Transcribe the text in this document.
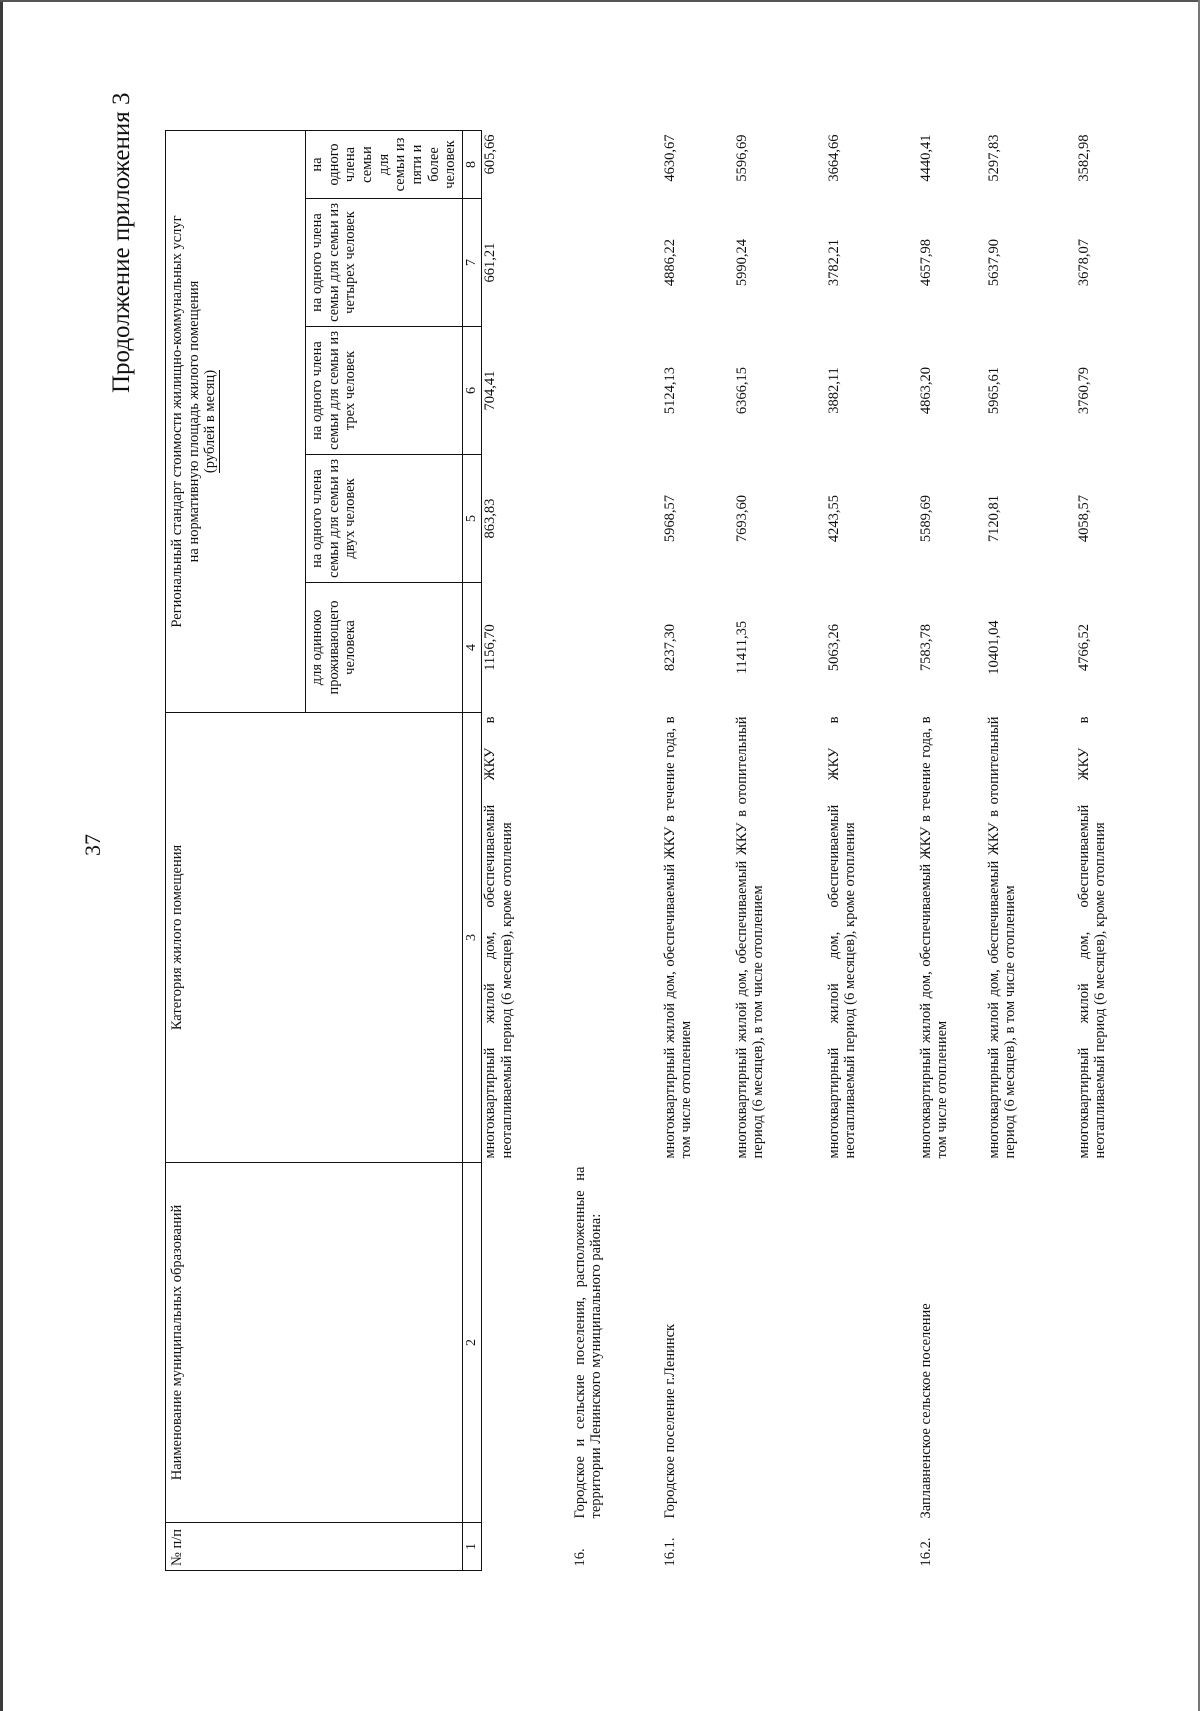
37
Продолжение приложения 3
№ п/п	Наименование муниципальных образований	Категория жилого помещения	Региональный стандарт стоимости жилищно-коммунальных услуг на нормативную площадь жилого помещения (рублей в месяц)				

			для одиноко проживающего человека	на одного члена семьи для семьи из двух человек	на одного члена семьи для семьи из трех человек	на одного члена семьи для семьи из четырех человек	на одного члена семьи для семьи из пяти и более человек
1	2	3	4	5	6	7	8
		многоквартирный жилой дом, обеспечиваемый ЖКУ в неотапливаемый период (6 месяцев), кроме отопления	1156,70	863,83	704,41	661,21	605,66
16.	Городское и сельские поселения, расположенные на территории Ленинского муниципального района:						
16.1.	Городское поселение г.Ленинск	многоквартирный жилой дом, обеспечиваемый ЖКУ в течение года, в том числе отоплением	8237,30	5968,57	5124,13	4886,22	4630,67
		многоквартирный жилой дом, обеспечиваемый ЖКУ в отопительный период (6 месяцев), в том числе отоплением	11411,35	7693,60	6366,15	5990,24	5596,69
		многоквартирный жилой дом, обеспечиваемый ЖКУ в неотапливаемый период (6 месяцев), кроме отопления	5063,26	4243,55	3882,11	3782,21	3664,66
16.2.	Заплавненское сельское поселение	многоквартирный жилой дом, обеспечиваемый ЖКУ в течение года, в том числе отоплением	7583,78	5589,69	4863,20	4657,98	4440,41
		многоквартирный жилой дом, обеспечиваемый ЖКУ в отопительный период (6 месяцев), в том числе отоплением	10401,04	7120,81	5965,61	5637,90	5297,83
		многоквартирный жилой дом, обеспечиваемый ЖКУ в неотапливаемый период (6 месяцев), кроме отопления	4766,52	4058,57	3760,79	3678,07	3582,98
